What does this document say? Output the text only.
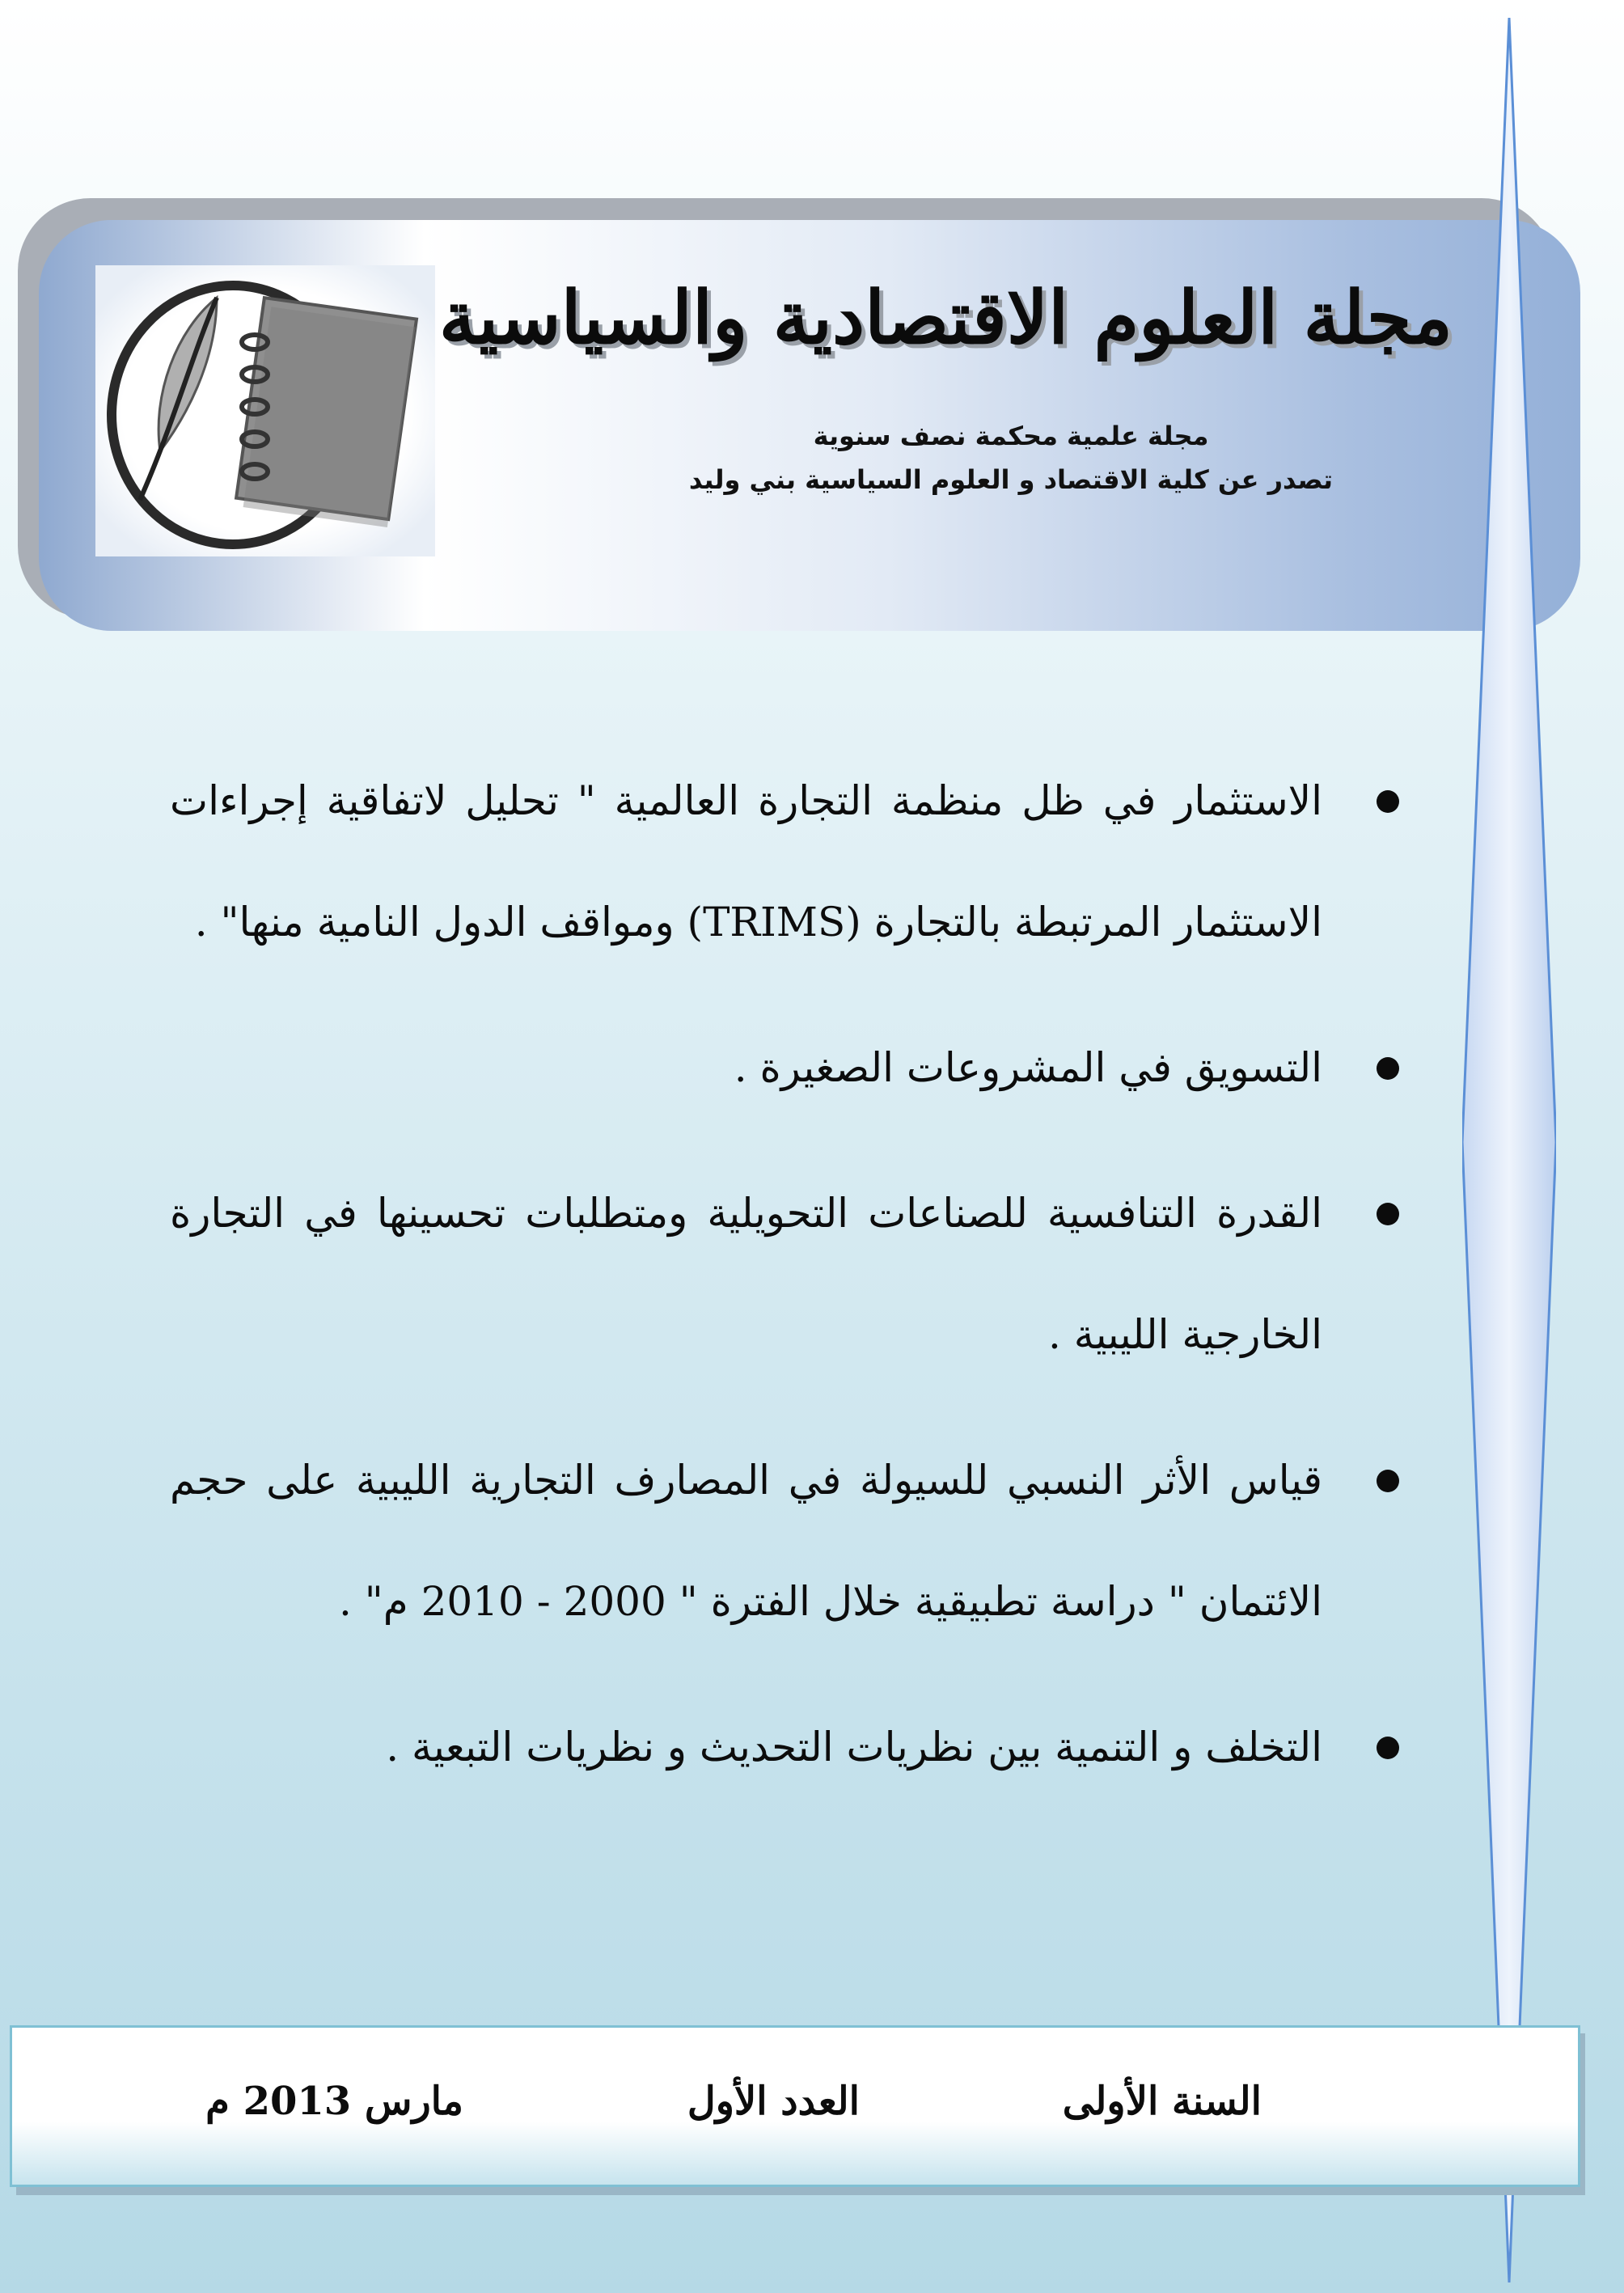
مجلة العلوم الاقتصادية والسياسية
مجلة علمية محكمة نصف سنوية
تصدر عن كلية الاقتصاد و العلوم السياسية بني وليد
الاستثمار في ظل منظمة التجارة العالمية " تحليل لاتفاقية إجراءات الاستثمار المرتبطة بالتجارة (TRIMS) ومواقف الدول النامية منها" .
التسويق في المشروعات الصغيرة .
القدرة التنافسية للصناعات التحويلية ومتطلبات تحسينها في التجارة الخارجية الليبية .
قياس الأثر النسبي للسيولة في المصارف التجارية الليبية على حجم الائتمان " دراسة تطبيقية خلال الفترة " 2000 - 2010 م" .
التخلف و التنمية بين نظريات التحديث و نظريات التبعية .
السنة الأولى
العدد الأول
مارس 2013 م
